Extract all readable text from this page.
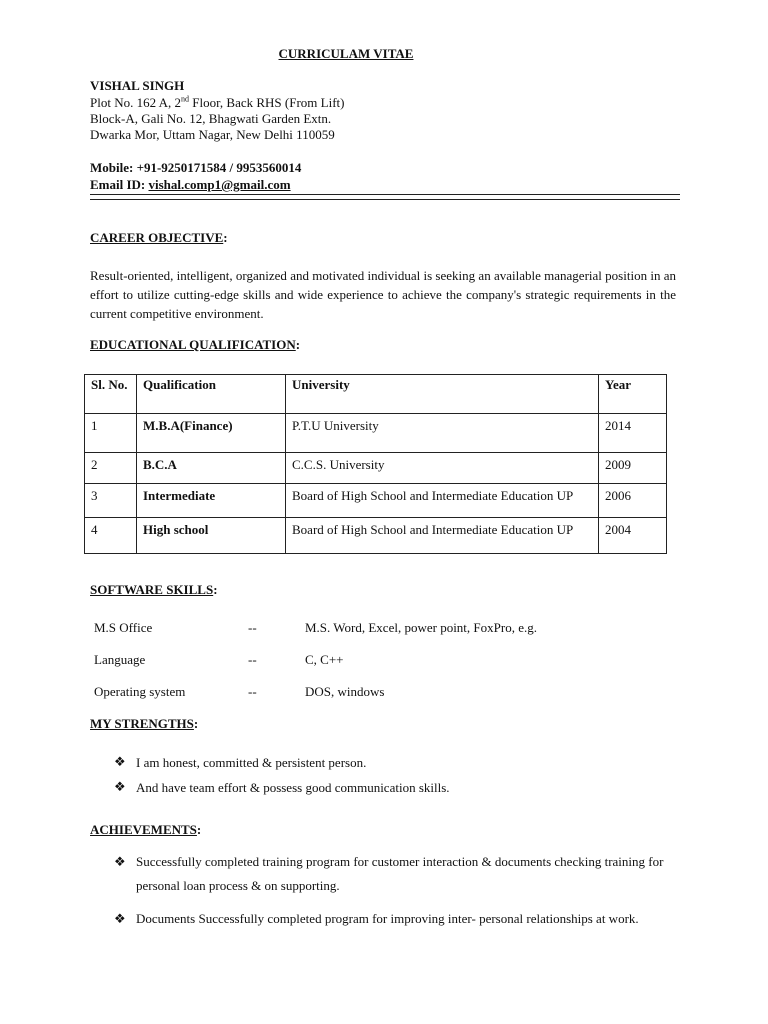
CURRICULAM VITAE
VISHAL SINGH
Plot No. 162 A, 2nd Floor, Back RHS (From Lift)
Block-A, Gali No. 12, Bhagwati Garden Extn.
Dwarka Mor, Uttam Nagar, New Delhi 110059
Mobile: +91-9250171584 / 9953560014
Email ID: vishal.comp1@gmail.com
CAREER OBJECTIVE:
Result-oriented, intelligent, organized and motivated individual is seeking an available managerial position in an effort to utilize cutting-edge skills and wide experience to achieve the company's strategic requirements in the current competitive environment.
EDUCATIONAL QUALIFICATION:
Sl. No.	Qualification	University	Year
1	M.B.A(Finance)	P.T.U University	2014
2	B.C.A	C.C.S. University	2009
3	Intermediate	Board of High School and Intermediate Education UP	2006
4	High school	Board of High School and Intermediate Education UP	2004
SOFTWARE SKILLS:
M.S Office	--	M.S. Word, Excel, power point, FoxPro, e.g.
Language	--	C, C++
Operating system	--	DOS, windows
MY STRENGTHS:
❖ I am honest, committed & persistent person.
❖ And have team effort & possess good communication skills.
ACHIEVEMENTS:
❖ Successfully completed training program for customer interaction & documents checking training for personal loan process & on supporting.
❖ Documents Successfully completed program for improving inter- personal relationships at work.
